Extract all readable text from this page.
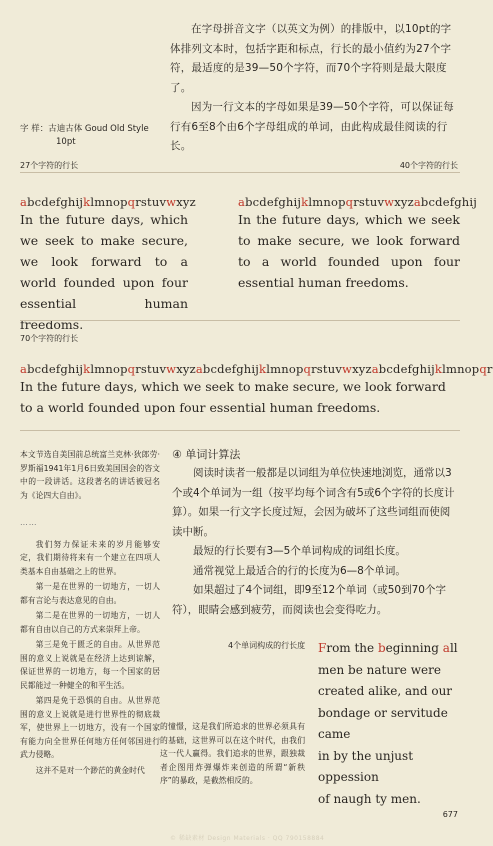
在字母拼音文字（以英文为例）的排版中，以10pt的字体排列文本时，包括字距和标点，行长的最小值约为27个字符，最适度的是39—50个字符，而70个字符则是最大限度了。

因为一行文本的字母如果是39—50个字符，可以保证每行有6至8个由6个字母组成的单词，由此构成最佳阅读的行长。

字 样：古迪古体 Goud Old Style
10pt
27个字符的行长	40个字符的行长
abcdefghijklmnopqrstuvwxyz
In the future days, which we seek to make secure, we look forward to a world founded upon four essential human freedoms.
abcdefghijklmnopqrstuvwxyzabcdefghij
In the future days, which we seek to make secure, we look forward to a world founded upon four essential human freedoms.
70个字符的行长
abcdefghijklmnopqrstuvwxyzabcdefghijklmnopqrstuvwxyzabcdefghijklmnopqr
In the future days, which we seek to make secure, we look forward to a world founded upon four essential human freedoms.

本文节选自美国前总统富兰克林·狄郎劳·罗斯福1941年1月6日致美国国会的咨文中的一段讲话。这段著名的讲话被冠名为《论四大自由》。

……

我们努力保证未来的岁月能够安定，我们期待将来有一个建立在四项人类基本自由基础之上的世界。

第一是在世界的一切地方，一切人都有言论与表达意见的自由。

第二是在世界的一切地方，一切人都有自由以自己的方式来崇拜上帝。

第三是免于匮乏的自由。从世界范围的意义上说就是在经济上达到谅解，保证世界的一切地方，每一个国家的居民都能过一种健全的和平生活。

第四是免于恐惧的自由。从世界范围的意义上说就是进行世界性的彻底裁军，使世界上一切地方，没有一个国家有能力向全世界任何地方任何邻国进行武力侵略。

这并不是对一个渺茫的黄金时代

④ 单词计算法

阅读时读者一般都是以词组为单位快速地浏览，通常以3个或4个单词为一组（按平均每个词含有5或6个字符的长度计算）。如果一行文字长度过短，会因为破坏了这些词组而使阅读中断。

最短的行长要有3—5个单词构成的词组长度。

通常视觉上最适合的行的长度为6—8个单词。

如果超过了4个词组，即9至12个单词（或50到70个字符），眼睛会感到疲劳，而阅读也会变得吃力。

4个单词构成的行长度 From the beginning all
men be nature were
created alike, and our
bondage or servitude came
in by the unjust oppession
of naugh ty men.

的憧憬，这是我们所追求的世界必须具有的基础，这世界可以在这个时代，由我们这一代人赢得。我们追求的世界，跟独裁者企图用炸弹爆炸来创造的所谓“新秩序”的暴政，是截然相反的。

677
© 稀缺素材 Design Materials · QQ 790158884
